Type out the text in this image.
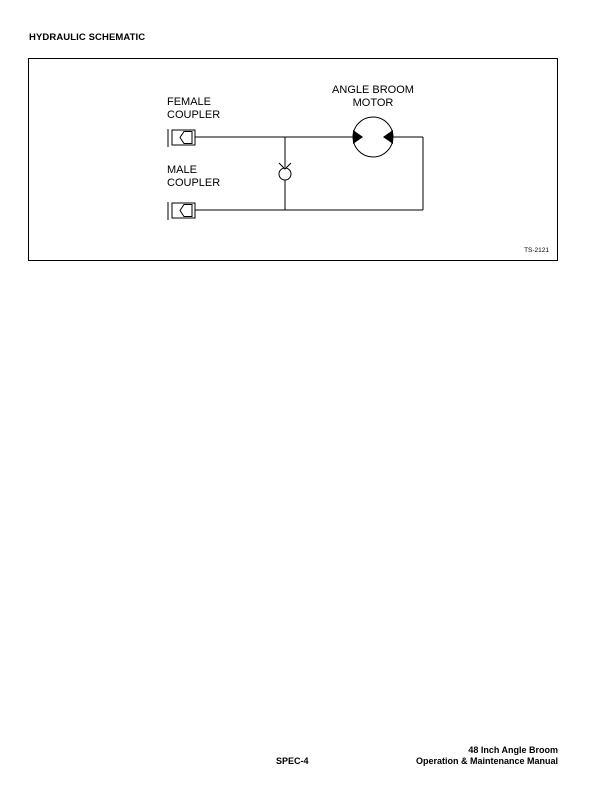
HYDRAULIC SCHEMATIC
FEMALE
COUPLER
MALE
COUPLER
ANGLE BROOM
MOTOR
TS-2121
SPEC-4
48 Inch Angle Broom
Operation & Maintenance Manual
